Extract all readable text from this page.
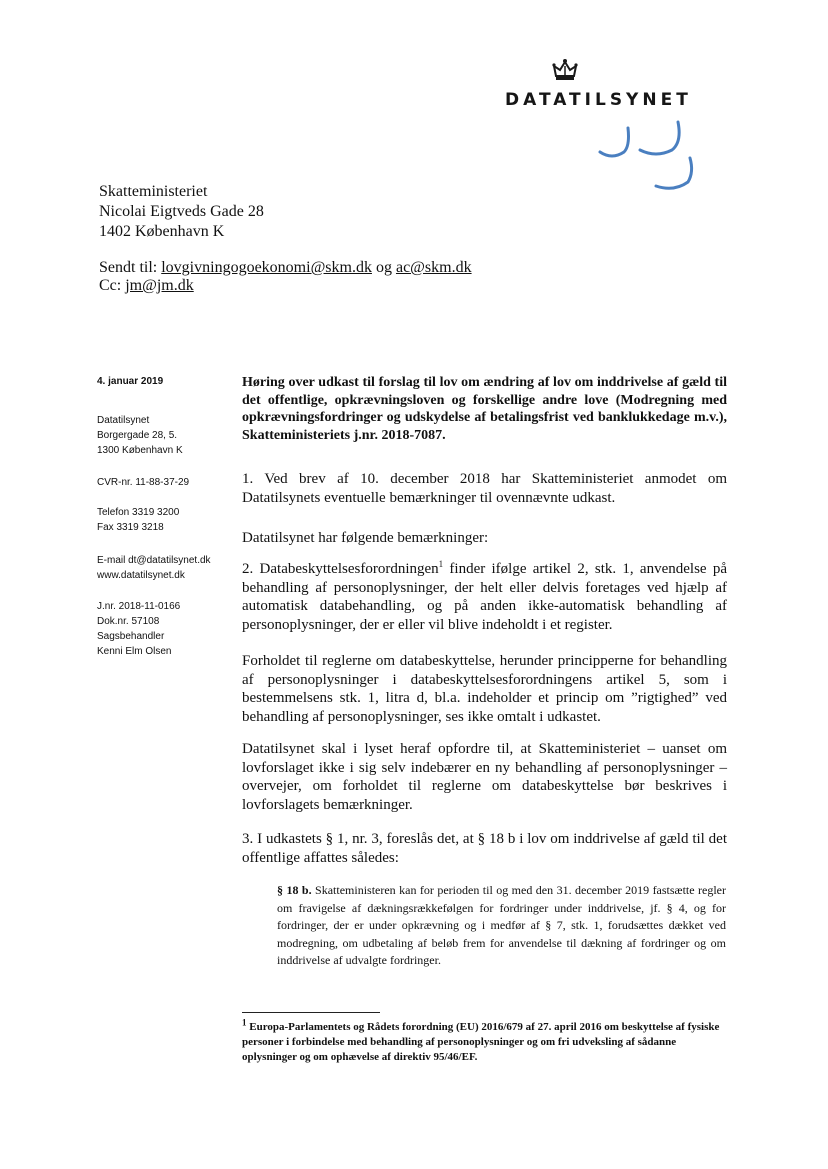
DATATILSYNET
Skatteministeriet
Nicolai Eigtveds Gade 28
1402 København K
Sendt til: lovgivningogoekonomi@skm.dk og ac@skm.dk
Cc: jm@jm.dk
4. januar 2019
Datatilsynet
Borgergade 28, 5.
1300 København K
CVR-nr. 11-88-37-29
Telefon 3319 3200
Fax 3319 3218
E-mail dt@datatilsynet.dk
www.datatilsynet.dk
J.nr. 2018-11-0166
Dok.nr. 57108
Sagsbehandler
Kenni Elm Olsen
Høring over udkast til forslag til lov om ændring af lov om inddrivelse af gæld til det offentlige, opkrævningsloven og forskellige andre love (Modregning med opkrævningsfordringer og udskydelse af betalingsfrist ved banklukkedage m.v.), Skatteministeriets j.nr. 2018-7087.
1. Ved brev af 10. december 2018 har Skatteministeriet anmodet om Datatilsynets eventuelle bemærkninger til ovennævnte udkast.
Datatilsynet har følgende bemærkninger:
2. Databeskyttelsesforordningen$^1$ finder ifølge artikel 2, stk. 1, anvendelse på behandling af personoplysninger, der helt eller delvis foretages ved hjælp af automatisk databehandling, og på anden ikke-automatisk behandling af personoplysninger, der er eller vil blive indeholdt i et register.
Forholdet til reglerne om databeskyttelse, herunder principperne for behandling af personoplysninger i databeskyttelsesforordningens artikel 5, som i bestemmelsens stk. 1, litra d, bl.a. indeholder et princip om ”rigtighed” ved behandling af personoplysninger, ses ikke omtalt i udkastet.
Datatilsynet skal i lyset heraf opfordre til, at Skatteministeriet – uanset om lovforslaget ikke i sig selv indebærer en ny behandling af personoplysninger – overvejer, om forholdet til reglerne om databeskyttelse bør beskrives i lovforslagets bemærkninger.
3. I udkastets § 1, nr. 3, foreslås det, at § 18 b i lov om inddrivelse af gæld til det offentlige affattes således:
§ 18 b. Skatteministeren kan for perioden til og med den 31. december 2019 fastsætte regler om fravigelse af dækningsrækkefølgen for fordringer under inddrivelse, jf. § 4, og for fordringer, der er under opkrævning og i medfør af § 7, stk. 1, forudsættes dækket ved modregning, om udbetaling af beløb frem for anvendelse til dækning af fordringer og om inddrivelse af udvalgte fordringer.
$^1$ Europa-Parlamentets og Rådets forordning (EU) 2016/679 af 27. april 2016 om beskyttelse af fysiske personer i forbindelse med behandling af personoplysninger og om fri udveksling af sådanne oplysninger og om ophævelse af direktiv 95/46/EF.
